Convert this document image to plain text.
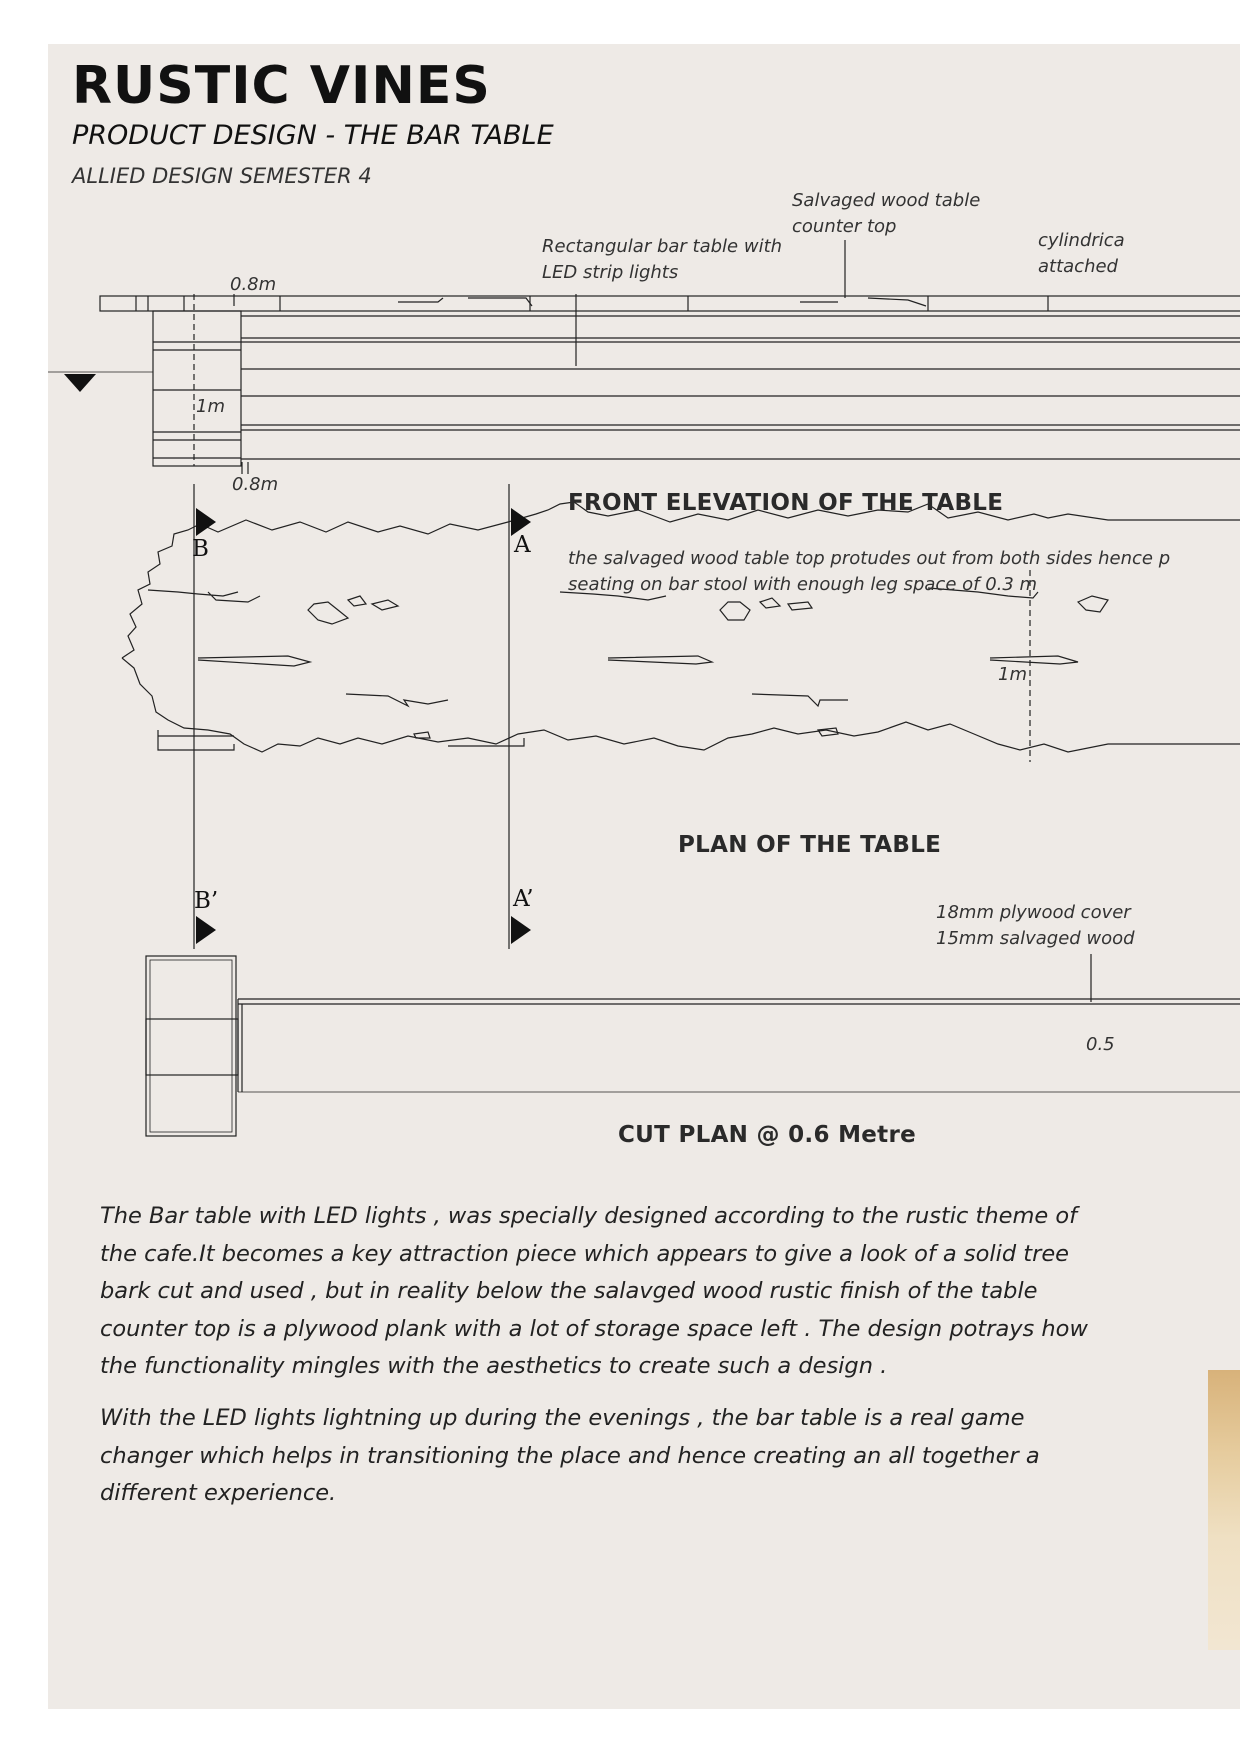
RUSTIC VINES
PRODUCT DESIGN - THE BAR TABLE
ALLIED DESIGN SEMESTER 4
Rectangular bar table with
LED strip lights
Salvaged wood table
counter top
cylindrica
attached
0.8m
1m
0.8m
FRONT ELEVATION OF THE TABLE
the salvaged wood table top protudes out from both sides hence p
seating on bar stool with enough leg space of 0.3 m
B	A
B’	A’
1m
PLAN OF THE TABLE
18mm plywood cover
15mm salvaged wood
0.5
CUT PLAN @ 0.6 Metre
The Bar table with LED lights , was specially designed according to the rustic theme of the cafe.It becomes a key attraction piece which appears to give a look of a solid tree bark cut and used , but in reality below the salavged wood rustic finish of the table counter top is a plywood plank with a lot of storage space left . The design potrays how the functionality mingles with the aesthetics to create such a design .
With the LED lights lightning up during the evenings , the bar table is a real game changer which helps in transitioning the place and hence creating an all together a different experience.
